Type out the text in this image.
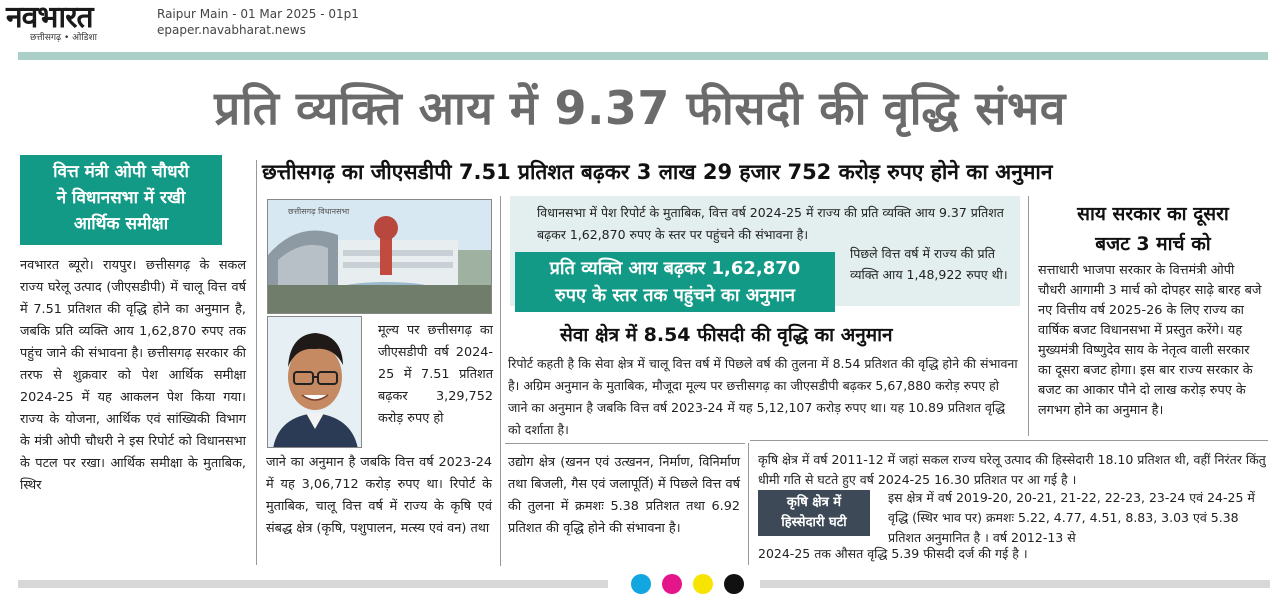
नवभारत
छत्तीसगढ़ • ओडिशा
Raipur Main - 01 Mar 2025 - 01p1
epaper.navabharat.news
प्रति व्यक्ति आय में 9.37 फीसदी की वृद्धि संभव
छत्तीसगढ़ का जीएसडीपी 7.51 प्रतिशत बढ़कर 3 लाख 29 हजार 752 करोड़ रुपए होने का अनुमान
वित्त मंत्री ओपी चौधरी
ने विधानसभा में रखी
आर्थिक समीक्षा
नवभारत ब्यूरो। रायपुर। छत्तीसगढ़ के सकल राज्य घरेलू उत्पाद (जीएसडीपी) में चालू वित्त वर्ष में 7.51 प्रतिशत की वृद्धि होने का अनुमान है, जबकि प्रति व्यक्ति आय 1,62,870 रुपए तक पहुंच जाने की संभावना है। छत्तीसगढ़ सरकार की तरफ से शुक्रवार को पेश आर्थिक समीक्षा 2024-25 में यह आकलन पेश किया गया। राज्य के योजना, आर्थिक एवं सांख्यिकी विभाग के मंत्री ओपी चौधरी ने इस रिपोर्ट को विधानसभा के पटल पर रखा। आर्थिक समीक्षा के मुताबिक, स्थिर
छत्तीसगढ़ विधानसभा
मूल्य पर छत्तीसगढ़ का जीएसडीपी वर्ष 2024-25 में 7.51 प्रतिशत बढ़कर 3,29,752 करोड़ रुपए हो
जाने का अनुमान है जबकि वित्त वर्ष 2023-24 में यह 3,06,712 करोड़ रुपए था। रिपोर्ट के मुताबिक, चालू वित्त वर्ष में राज्य के कृषि एवं संबद्ध क्षेत्र (कृषि, पशुपालन, मत्स्य एवं वन) तथा
विधानसभा में पेश रिपोर्ट के मुताबिक, वित्त वर्ष 2024-25 में राज्य की प्रति व्यक्ति आय 9.37 प्रतिशत बढ़कर 1,62,870 रुपए के स्तर पर पहुंचने की संभावना है।
प्रति व्यक्ति आय बढ़कर 1,62,870
रुपए के स्तर तक पहुंचने का अनुमान
पिछले वित्त वर्ष में राज्य की प्रति व्यक्ति आय 1,48,922 रुपए थी।
सेवा क्षेत्र में 8.54 फीसदी की वृद्धि का अनुमान
रिपोर्ट कहती है कि सेवा क्षेत्र में चालू वित्त वर्ष में पिछले वर्ष की तुलना में 8.54 प्रतिशत की वृद्धि होने की संभावना है। अग्रिम अनुमान के मुताबिक, मौजूदा मूल्य पर छत्तीसगढ़ का जीएसडीपी बढ़कर 5,67,880 करोड़ रुपए हो जाने का अनुमान है जबकि वित्त वर्ष 2023-24 में यह 5,12,107 करोड़ रुपए था। यह 10.89 प्रतिशत वृद्धि को दर्शाता है।
उद्योग क्षेत्र (खनन एवं उत्खनन, निर्माण, विनिर्माण तथा बिजली, गैस एवं जलापूर्ति) में पिछले वित्त वर्ष की तुलना में क्रमशः 5.38 प्रतिशत तथा 6.92 प्रतिशत की वृद्धि होने की संभावना है।
साय सरकार का दूसरा
बजट 3 मार्च को
सत्ताधारी भाजपा सरकार के वित्तमंत्री ओपी चौधरी आगामी 3 मार्च को दोपहर साढ़े बारह बजे नए वित्तीय वर्ष 2025-26 के लिए राज्य का वार्षिक बजट विधानसभा में प्रस्तुत करेंगे। यह मुख्यमंत्री विष्णुदेव साय के नेतृत्व वाली सरकार का दूसरा बजट होगा। इस बार राज्य सरकार के बजट का आकार पौने दो लाख करोड़ रुपए के लगभग होने का अनुमान है।
कृषि क्षेत्र में वर्ष 2011-12 में जहां सकल राज्य घरेलू उत्पाद की हिस्सेदारी 18.10 प्रतिशत थी, वहीं निरंतर किंतु धीमी गति से घटते हुए वर्ष 2024-25 16.30 प्रतिशत पर आ गई है ।
कृषि क्षेत्र में
हिस्सेदारी घटी
इस क्षेत्र में वर्ष 2019-20, 20-21, 21-22, 22-23, 23-24 एवं 24-25 में वृद्धि (स्थिर भाव पर) क्रमशः 5.22, 4.77, 4.51, 8.83, 3.03 एवं 5.38 प्रतिशत अनुमानित है । वर्ष 2012-13 से
2024-25 तक औसत वृद्धि 5.39 फीसदी दर्ज की गई है ।
